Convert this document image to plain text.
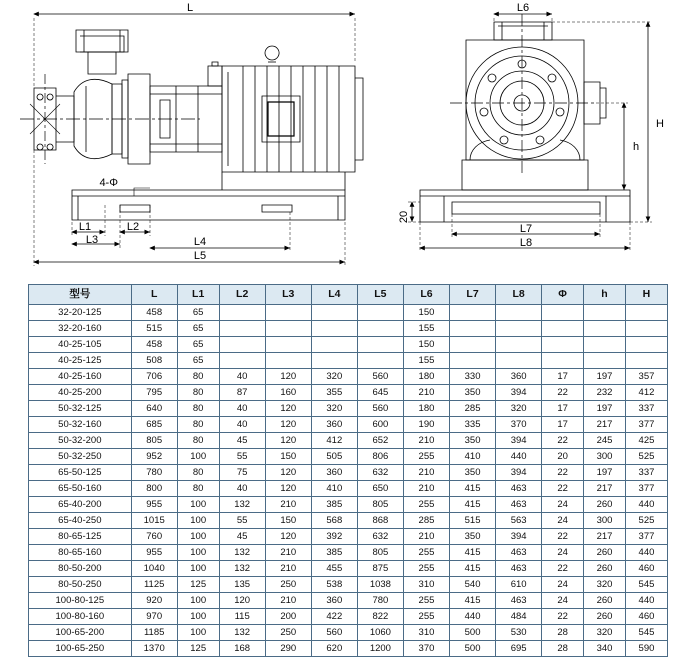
L
L1	L2
L3	L4
L5
4-Φ
L6
L7
L8
H
h
20
型号	L	L1	L2	L3	L4	L5	L6	L7	L8	Φ	h	H
32-20-125	458	65					150					
32-20-160	515	65					155					
40-25-105	458	65					150					
40-25-125	508	65					155					
40-25-160	706	80	40	120	320	560	180	330	360	17	197	357
40-25-200	795	80	87	160	355	645	210	350	394	22	232	412
50-32-125	640	80	40	120	320	560	180	285	320	17	197	337
50-32-160	685	80	40	120	360	600	190	335	370	17	217	377
50-32-200	805	80	45	120	412	652	210	350	394	22	245	425
50-32-250	952	100	55	150	505	806	255	410	440	20	300	525
65-50-125	780	80	75	120	360	632	210	350	394	22	197	337
65-50-160	800	80	40	120	410	650	210	415	463	22	217	377
65-40-200	955	100	132	210	385	805	255	415	463	24	260	440
65-40-250	1015	100	55	150	568	868	285	515	563	24	300	525
80-65-125	760	100	45	120	392	632	210	350	394	22	217	377
80-65-160	955	100	132	210	385	805	255	415	463	24	260	440
80-50-200	1040	100	132	210	455	875	255	415	463	22	260	460
80-50-250	1125	125	135	250	538	1038	310	540	610	24	320	545
100-80-125	920	100	120	210	360	780	255	415	463	24	260	440
100-80-160	970	100	115	200	422	822	255	440	484	22	260	460
100-65-200	1185	100	132	250	560	1060	310	500	530	28	320	545
100-65-250	1370	125	168	290	620	1200	370	500	695	28	340	590
